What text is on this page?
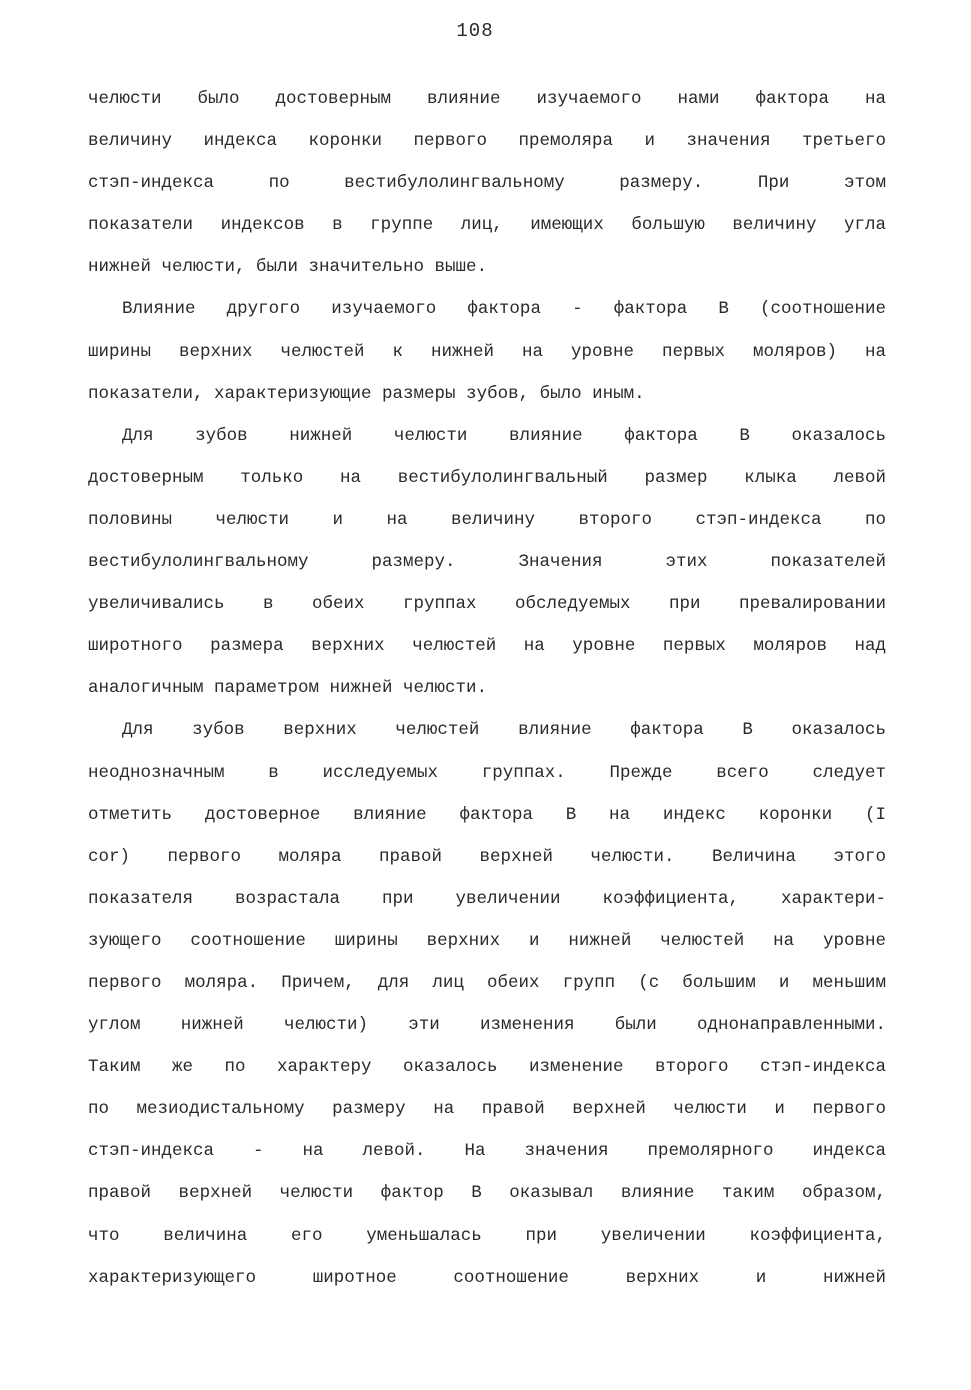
108
челюсти было достоверным влияние изучаемого нами фактора на
величину индекса коронки первого премоляра и значения третьего
стэп-индекса по вестибулолингвальному размеру. При этом
показатели индексов в группе лиц, имеющих большую величину угла
нижней челюсти, были значительно выше.
Влияние другого изучаемого фактора - фактора В (соотношение
ширины верхних челюстей к нижней на уровне первых моляров) на
показатели, характеризующие размеры зубов, было иным.
Для зубов нижней челюсти влияние фактора В оказалось
достоверным только на вестибулолингвальный размер клыка левой
половины челюсти и на величину второго стэп-индекса по
вестибулолингвальному размеру. Значения этих показателей
увеличивались в обеих группах обследуемых при превалировании
широтного размера верхних челюстей на уровне первых моляров над
аналогичным параметром нижней челюсти.
Для зубов верхних челюстей влияние фактора В оказалось
неоднозначным в исследуемых группах. Прежде всего следует
отметить достоверное влияние фактора В на индекс коронки (I
cor) первого моляра правой верхней челюсти. Величина этого
показателя возрастала при увеличении коэффициента, характери-
зующего соотношение ширины верхних и нижней челюстей на уровне
первого моляра. Причем, для лиц обеих групп (с большим и меньшим
углом нижней челюсти) эти изменения были однонаправленными.
Таким же по характеру оказалось изменение второго стэп-индекса
по мезиодистальному размеру на правой верхней челюсти и первого
стэп-индекса - на левой. На значения премолярного индекса
правой верхней челюсти фактор В оказывал влияние таким образом,
что величина его уменьшалась при увеличении коэффициента,
характеризующего широтное соотношение верхних и нижней
